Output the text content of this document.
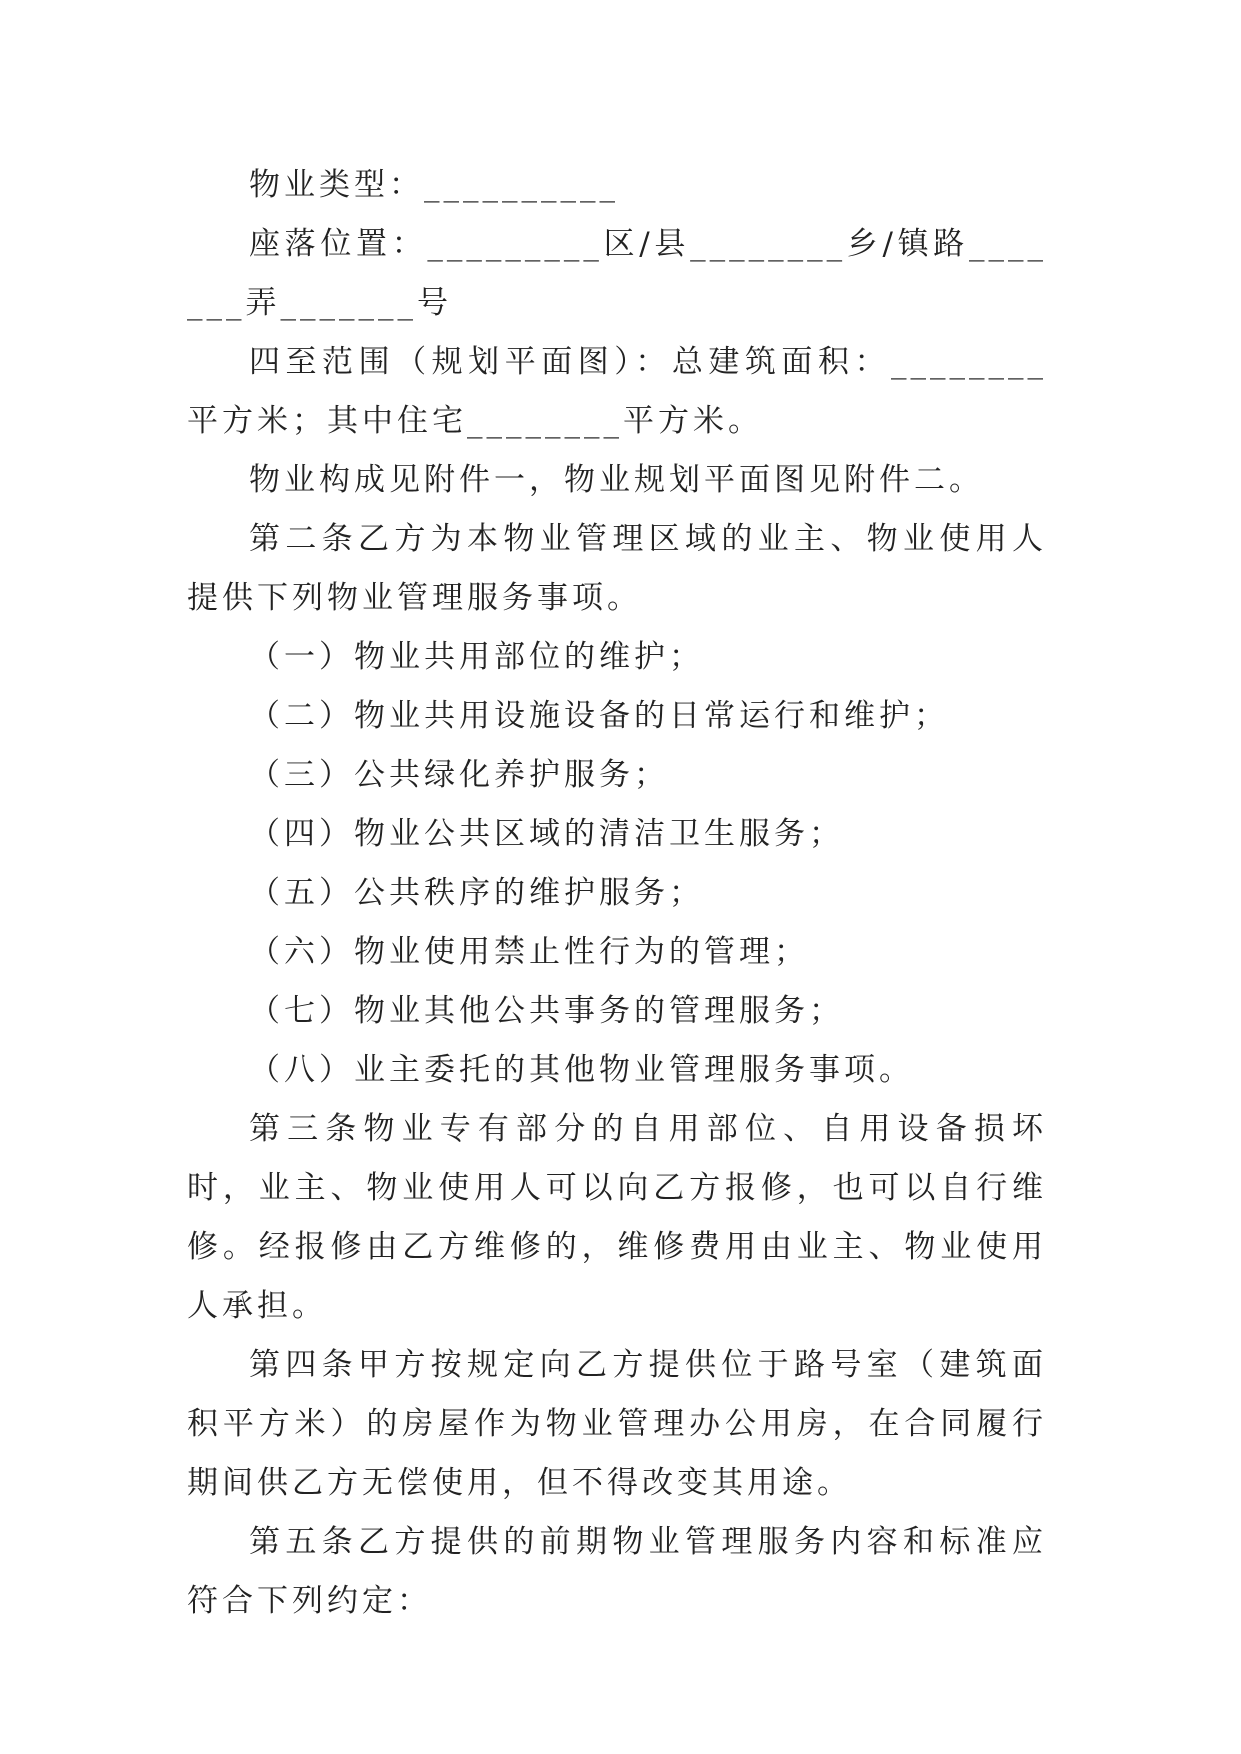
物业类型：__________

座落位置：_________区/县________乡/镇路_______弄_______号

四至范围（规划平面图）：总建筑面积：________平方米；其中住宅________平方米。

物业构成见附件一，物业规划平面图见附件二。

第二条乙方为本物业管理区域的业主、物业使用人提供下列物业管理服务事项。

（一）物业共用部位的维护；

（二）物业共用设施设备的日常运行和维护；

（三）公共绿化养护服务；

（四）物业公共区域的清洁卫生服务；

（五）公共秩序的维护服务；

（六）物业使用禁止性行为的管理；

（七）物业其他公共事务的管理服务；

（八）业主委托的其他物业管理服务事项。

第三条物业专有部分的自用部位、自用设备损坏时，业主、物业使用人可以向乙方报修，也可以自行维修。经报修由乙方维修的，维修费用由业主、物业使用人承担。

第四条甲方按规定向乙方提供位于路号室（建筑面积平方米）的房屋作为物业管理办公用房，在合同履行期间供乙方无偿使用，但不得改变其用途。

第五条乙方提供的前期物业管理服务内容和标准应符合下列约定：
